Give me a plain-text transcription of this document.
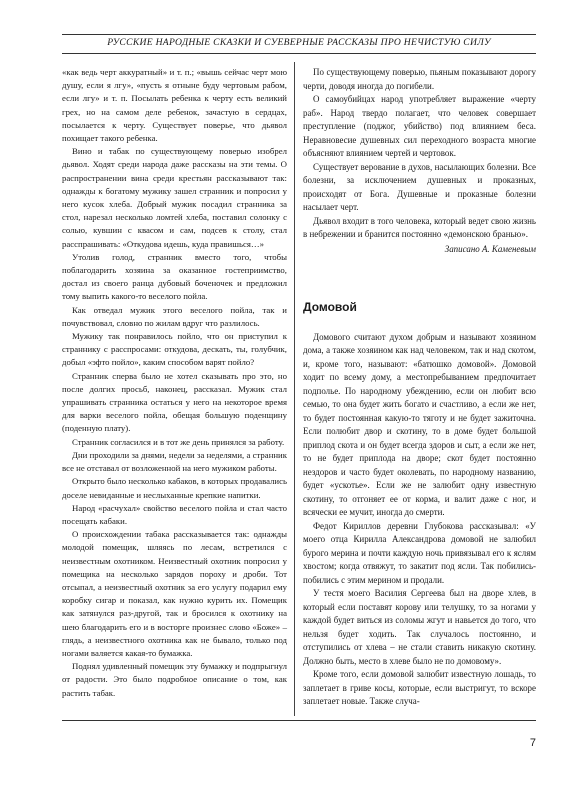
РУССКИЕ НАРОДНЫЕ СКАЗКИ И СУЕВЕРНЫЕ РАССКАЗЫ ПРО НЕЧИСТУЮ СИЛУ

«как ведь черт аккуратный» и т. п.; «вышь сейчас черт мою душу, если я лгу», «пусть я отныне буду чертовым рабом, если лгу» и т. п. Посылать ребенка к черту есть великий грех, но на самом деле ребенок, зачастую в сердцах, посылается к черту. Существует поверье, что дьявол похищает такого ребенка.

Вино и табак по существующему поверью изобрел дьявол. Ходят среди народа даже рассказы на эти темы. О распространении вина среди крестьян рассказывают так: однажды к богатому мужику зашел странник и попросил у него кусок хлеба. Добрый мужик посадил странника за стол, нарезал несколько ломтей хлеба, поставил солонку с солью, кувшин с квасом и сам, подсев к столу, стал расспрашивать: «Откудова идешь, куда правишься…»

Утолив голод, странник вместо того, чтобы поблагодарить хозяина за оказанное гостеприимство, достал из своего ранца дубовый боченочек и предложил тому выпить какого-то веселого пойла.

Как отведал мужик этого веселого пойла, так и почувствовал, словно по жилам вдруг что разлилось.

Мужику так понравилось пойло, что он приступил к страннику с расспросами: откудова, дескать, ты, голубчик, добыл «эфто пойло», каким способом варят пойло?

Странник сперва было не хотел сказывать про это, но после долгих просьб, наконец, рассказал. Мужик стал упрашивать странника остаться у него на некоторое время для варки веселого пойла, обещая большую поденщину (поденную плату).

Странник согласился и в тот же день принялся за работу.

Дни проходили за днями, недели за неделями, а странник все не отставал от возложенной на него мужиком работы.

Открыто было несколько кабаков, в которых продавались доселе невиданные и неслыханные крепкие напитки.

Народ «расчухал» свойство веселого пойла и стал часто посещать кабаки.

О происхождении табака рассказывается так: однажды молодой помещик, шляясь по лесам, встретился с неизвестным охотником. Неизвестный охотник попросил у помещика на несколько зарядов пороху и дроби. Тот отсыпал, а неизвестный охотник за его услугу подарил ему коробку сигар и показал, как нужно курить их. Помещик как затянулся раз-другой, так и бросился к охотнику на шею благодарить его и в восторге произнес слово «Боже» – глядь, а неизвестного охотника как не бывало, только под ногами валяется какая-то бумажка.

Поднял удивленный помещик эту бумажку и подпрыгнул от радости. Это было подробное описание о том, как растить табак.

По существующему поверью, пьяным показывают дорогу черти, доводя иногда до погибели.

О самоубийцах народ употребляет выражение «черту раб». Народ твердо полагает, что человек совершает преступление (поджог, убийство) под влиянием беса. Неравновесие душевных сил переходного возраста многие объясняют влиянием чертей и чертовок.

Существует верование в духов, насылающих болезни. Все болезни, за исключением душевных и проказных, происходят от Бога. Душевные и проказные болезни насылает черт.

Дьявол входит в того человека, который ведет свою жизнь в небрежении и бранится постоянно «демонскою бранью».

Записано А. Каменевым

Домовой

Домового считают духом добрым и называют хозяином дома, а также хозяином как над человеком, так и над скотом, и, кроме того, называют: «батюшко домовой». Домовой ходит по всему дому, а местопребыванием предпочитает подполье. По народному убеждению, если он любит всю семью, то она будет жить богато и счастливо, а если же нет, то будет постоянная какую-то тяготу и не будет зажиточна. Если полюбит двор и скотину, то в доме будет большой приплод скота и он будет всегда здоров и сыт, а если же нет, то не будет приплода на дворе; скот будет постоянно нездоров и часто будет околевать, по народному названию, будет «ускотье». Если же не залюбит одну известную скотину, то отгоняет ее от корма, и валит даже с ног, и всячески ее мучит, иногда до смерти.

Федот Кириллов деревни Глубокова рассказывал: «У моего отца Кирилла Александрова домовой не залюбил бурого мерина и почти каждую ночь привязывал его к яслям хвостом; когда отвяжут, то закатит под ясли. Так побились-побились с этим мерином и продали.

У тестя моего Василия Сергеева был на дворе хлев, в который если поставят корову или телушку, то за ногами у каждой будет виться из соломы жгут и навьется до того, что нельзя будет ходить. Так случалось постоянно, и отступились от хлева – не стали ставить никакую скотину. Должно быть, место в хлеве было не по домовому».

Кроме того, если домовой залюбит известную лошадь, то заплетает в гриве косы, которые, если выстригут, то вскоре заплетает новые. Также случа-

7
